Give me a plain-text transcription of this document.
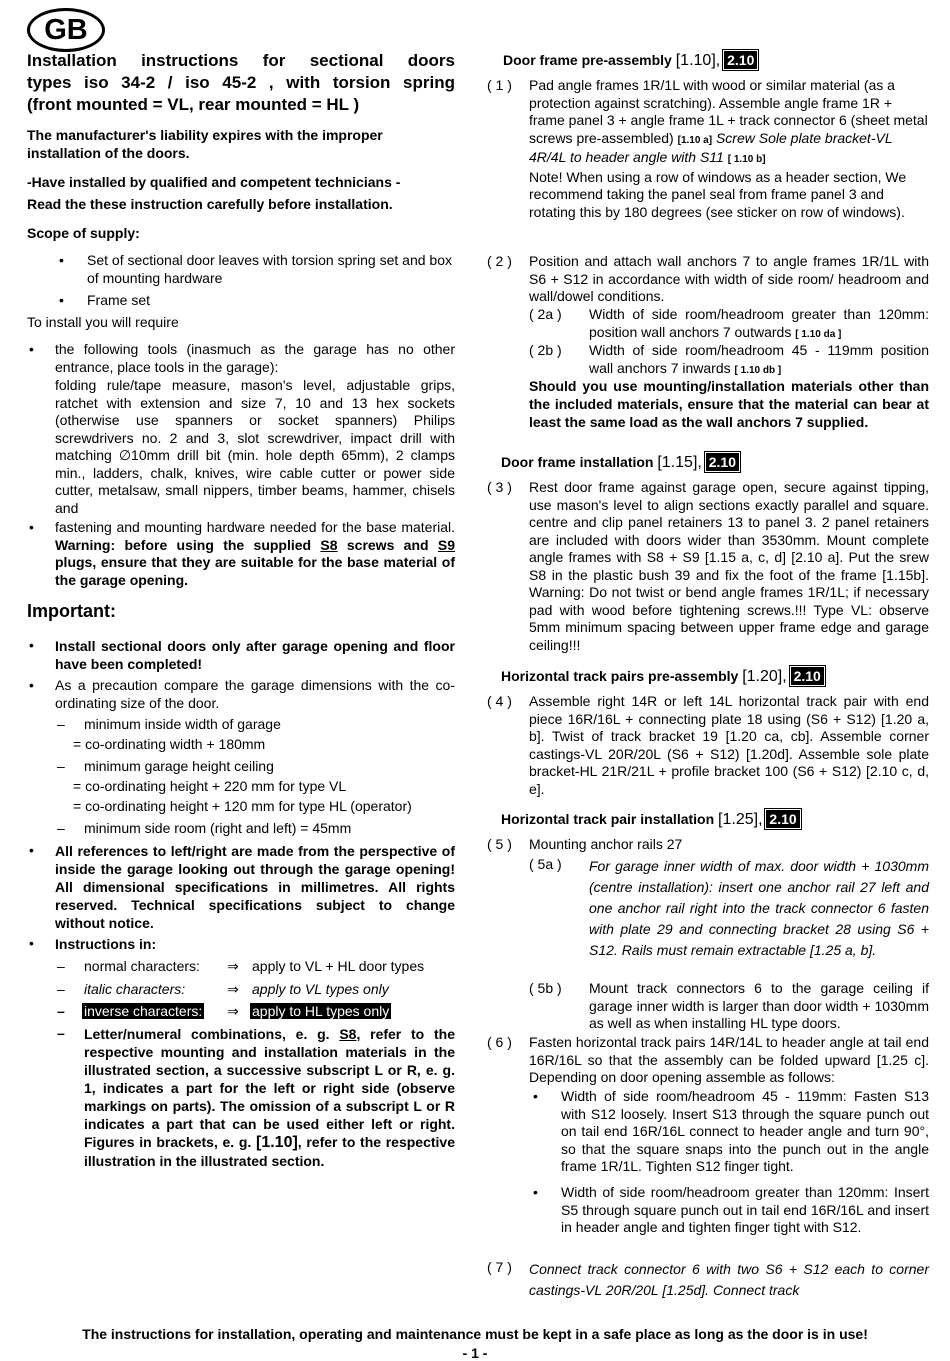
GB
Installation instructions for sectional doors
types iso 34-2 / iso 45-2 , with torsion spring
(front mounted = VL, rear mounted = HL )
The manufacturer's liability expires with the improper installation of the doors.
-Have installed by qualified and competent technicians -
Read the these instruction carefully before installation.
Scope of supply:
• Set of sectional door leaves with torsion spring set and box of mounting hardware
• Frame set
To install you will require
• the following tools (inasmuch as the garage has no other entrance, place tools in the garage):
folding rule/tape measure, mason's level, adjustable grips, ratchet with extension and size 7, 10 and 13 hex sockets (otherwise use spanners or socket spanners) Philips screwdrivers no. 2 and 3, slot screwdriver, impact drill with matching ∅10mm drill bit (min. hole depth 65mm), 2 clamps min., ladders, chalk, knives, wire cable cutter or power side cutter, metalsaw, small nippers, timber beams, hammer, chisels and
• fastening and mounting hardware needed for the base material. Warning: before using the supplied S8 screws and S9 plugs, ensure that they are suitable for the base material of the garage opening.
Important:
• Install sectional doors only after garage opening and floor have been completed!
• As a precaution compare the garage dimensions with the co-ordinating size of the door.
– minimum inside width of garage
= co-ordinating width + 180mm
– minimum garage height ceiling
= co-ordinating height + 220 mm for type VL
= co-ordinating height + 120 mm for type HL (operator)
– minimum side room (right and left) = 45mm
• All references to left/right are made from the perspective of inside the garage looking out through the garage opening! All dimensional specifications in millimetres. All rights reserved. Technical specifications subject to change without notice.
• Instructions in:
– normal characters: ⇒ apply to VL + HL door types
– italic characters:	⇒ apply to VL types only
– inverse characters: ⇒ apply to HL types only
– Letter/numeral combinations, e. g. S8, refer to the respective mounting and installation materials in the illustrated section, a successive subscript L or R, e. g. 1, indicates a part for the left or right side (observe markings on parts). The omission of a subscript L or R indicates a part that can be used either left or right. Figures in brackets, e. g. [1.10], refer to the respective illustration in the illustrated section.
Door frame pre-assembly [1.10], 2.10
( 1 ) Pad angle frames 1R/1L with wood or similar material (as a protection against scratching). Assemble angle frame 1R + frame panel 3 + angle frame 1L + track connector 6 (sheet metal screws pre-assembled) [1.10 a] Screw Sole plate bracket-VL 4R/4L to header angle with S11 [ 1.10 b]
Note! When using a row of windows as a header section, We recommend taking the panel seal from frame panel 3 and rotating this by 180 degrees (see sticker on row of windows).
( 2 ) Position and attach wall anchors 7 to angle frames 1R/1L with S6 + S12 in accordance with width of side room/ headroom and wall/dowel conditions.
( 2a ) Width of side room/headroom greater than 120mm: position wall anchors 7 outwards [ 1.10 da ]
( 2b ) Width of side room/headroom 45 - 119mm position wall anchors 7 inwards [ 1.10 db ]
Should you use mounting/installation materials other than the included materials, ensure that the material can bear at least the same load as the wall anchors 7 supplied.
Door frame installation [1.15], 2.10
( 3 ) Rest door frame against garage open, secure against tipping, use mason's level to align sections exactly parallel and square. centre and clip panel retainers 13 to panel 3. 2 panel retainers are included with doors wider than 3530mm. Mount complete angle frames with S8 + S9 [1.15 a, c, d] [2.10 a]. Put the srew S8 in the plastic bush 39 and fix the foot of the frame [1.15b]. Warning: Do not twist or bend angle frames 1R/1L; if necessary pad with wood before tightening screws.!!! Type VL: observe 5mm minimum spacing between upper frame edge and garage ceiling!!!
Horizontal track pairs pre-assembly [1.20], 2.10
( 4 ) Assemble right 14R or left 14L horizontal track pair with end piece 16R/16L + connecting plate 18 using (S6 + S12) [1.20 a, b]. Twist of track bracket 19 [1.20 ca, cb]. Assemble corner castings-VL 20R/20L (S6 + S12) [1.20d]. Assemble sole plate bracket-HL 21R/21L + profile bracket 100 (S6 + S12) [2.10 c, d, e].
Horizontal track pair installation [1.25], 2.10
( 5 ) Mounting anchor rails 27
( 5a ) For garage inner width of max. door width + 1030mm (centre installation): insert one anchor rail 27 left and one anchor rail right into the track connector 6 fasten with plate 29 and connecting bracket 28 using S6 + S12. Rails must remain extractable [1.25 a, b].
( 5b ) Mount track connectors 6 to the garage ceiling if garage inner width is larger than door width + 1030mm as well as when installing HL type doors.
( 6 ) Fasten horizontal track pairs 14R/14L to header angle at tail end 16R/16L so that the assembly can be folded upward [1.25 c]. Depending on door opening assemble as follows:
• Width of side room/headroom 45 - 119mm: Fasten S13 with S12 loosely. Insert S13 through the square punch out on tail end 16R/16L connect to header angle and turn 90°, so that the square snaps into the punch out in the angle frame 1R/1L. Tighten S12 finger tight.
• Width of side room/headroom greater than 120mm: Insert S5 through square punch out in tail end 16R/16L and insert in header angle and tighten finger tight with S12.
( 7 ) Connect track connector 6 with two S6 + S12 each to corner castings-VL 20R/20L [1.25d]. Connect track
The instructions for installation, operating and maintenance must be kept in a safe place as long as the door is in use!
- 1 -
